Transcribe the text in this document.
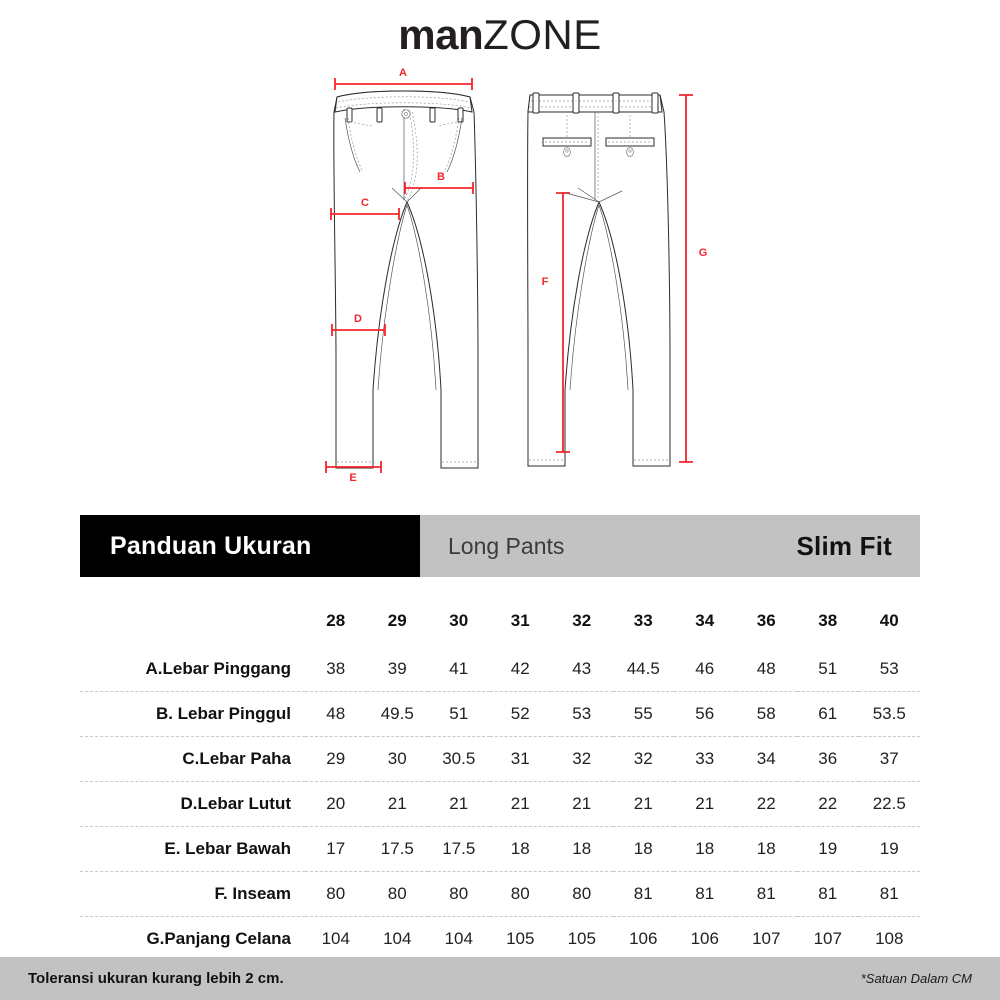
manZONE
A
B
C
D
E
F
G
Panduan Ukuran	Long Pants	Slim Fit
	28	29	30	31	32	33	34	36	38	40
A.Lebar Pinggang	38	39	41	42	43	44.5	46	48	51	53
B. Lebar Pinggul	48	49.5	51	52	53	55	56	58	61	53.5
C.Lebar Paha	29	30	30.5	31	32	32	33	34	36	37
D.Lebar Lutut	20	21	21	21	21	21	21	22	22	22.5
E. Lebar Bawah	17	17.5	17.5	18	18	18	18	18	19	19
F. Inseam	80	80	80	80	80	81	81	81	81	81
G.Panjang Celana	104	104	104	105	105	106	106	107	107	108
Toleransi ukuran kurang lebih 2 cm.	*Satuan Dalam CM
